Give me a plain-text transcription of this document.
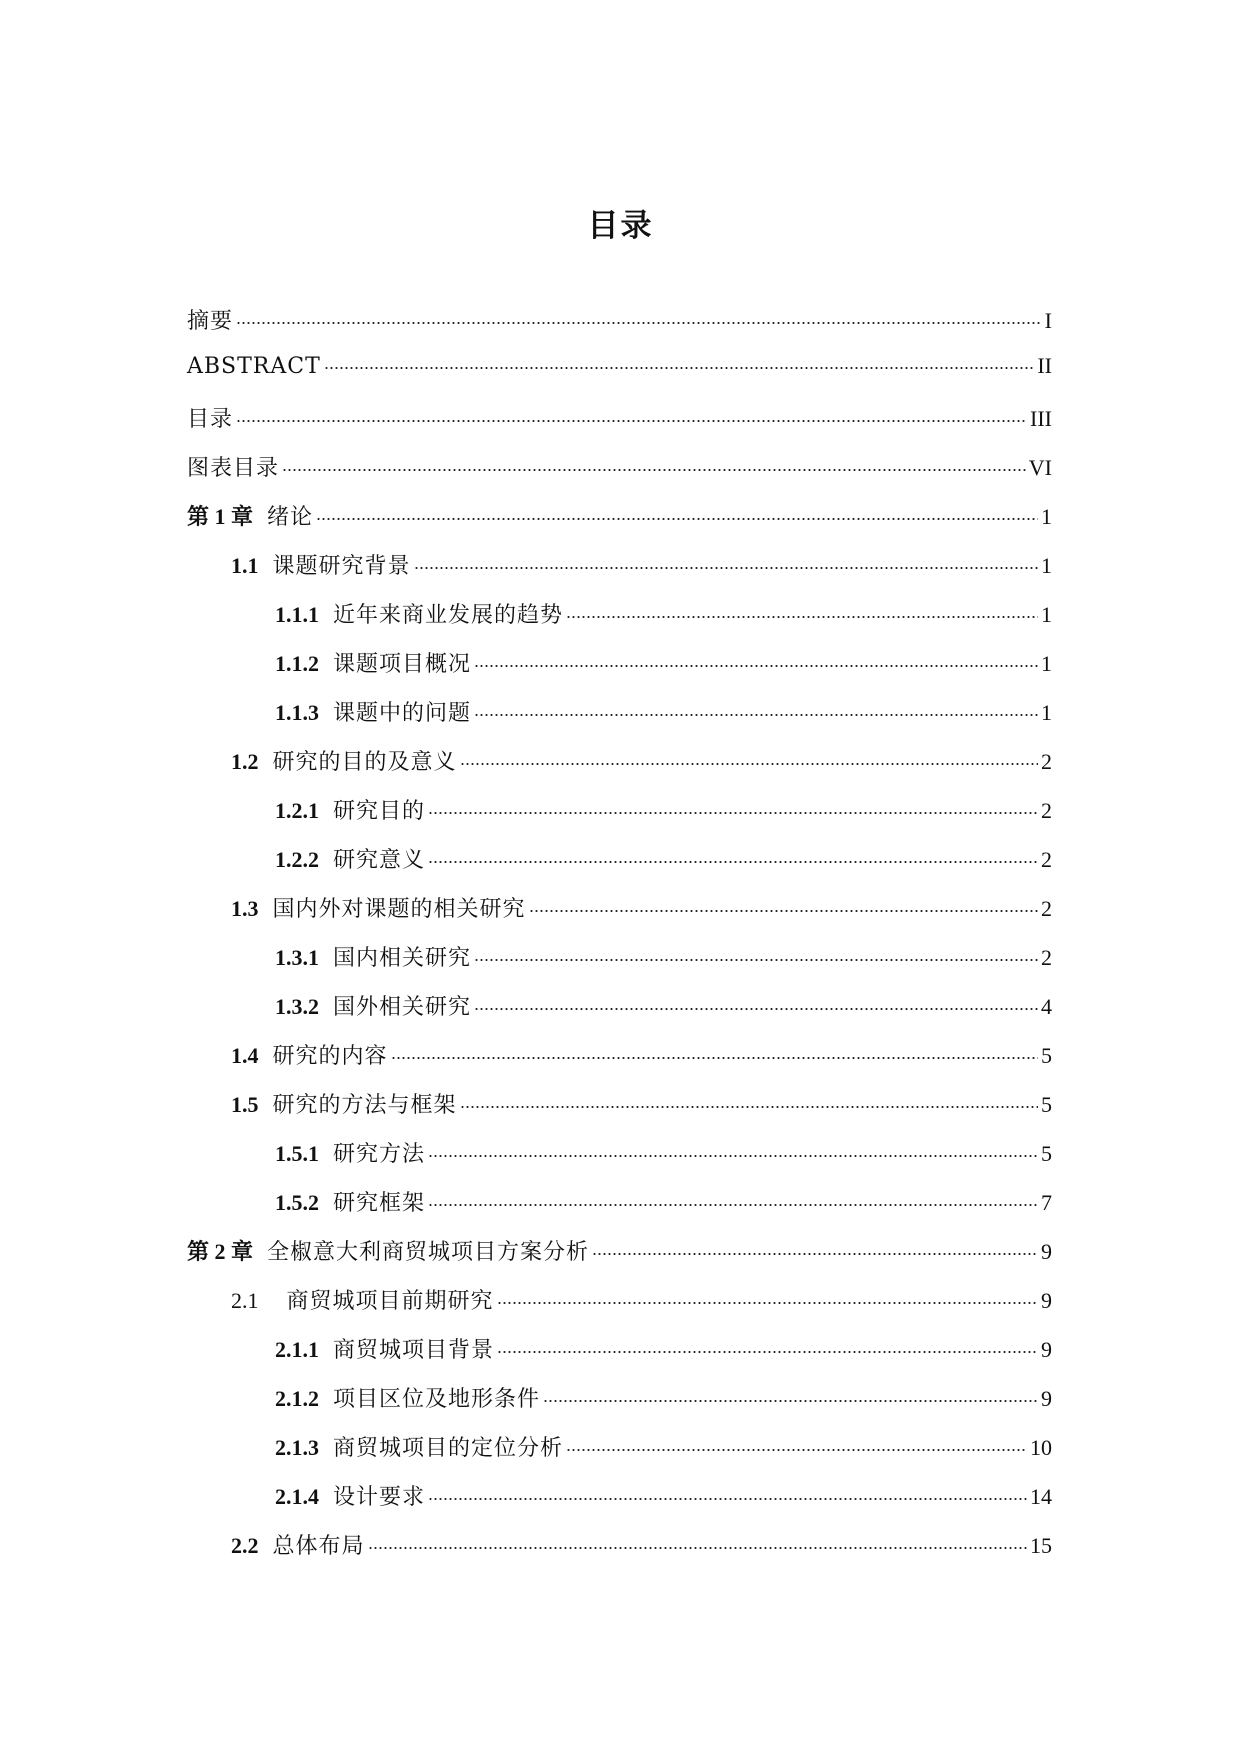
目录
摘要	I
ABSTRACT	II
目录	III
图表目录	VI
第 1 章 绪论	1
1.1 课题研究背景	1
1.1.1 近年来商业发展的趋势	1
1.1.2 课题项目概况	1
1.1.3 课题中的问题	1
1.2 研究的目的及意义	2
1.2.1 研究目的	2
1.2.2 研究意义	2
1.3 国内外对课题的相关研究	2
1.3.1 国内相关研究	2
1.3.2 国外相关研究	4
1.4 研究的内容	5
1.5 研究的方法与框架	5
1.5.1 研究方法	5
1.5.2 研究框架	7
第 2 章 全椒意大利商贸城项目方案分析	9
2.1 商贸城项目前期研究	9
2.1.1 商贸城项目背景	9
2.1.2 项目区位及地形条件	9
2.1.3 商贸城项目的定位分析	10
2.1.4 设计要求	14
2.2 总体布局	15
